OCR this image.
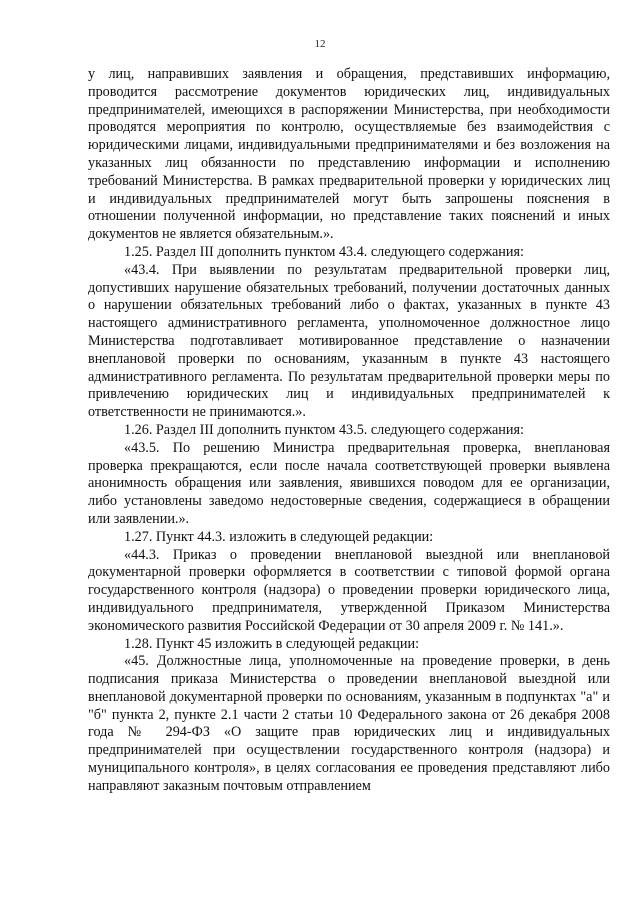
12

у лиц, направивших заявления и обращения, представивших информацию, проводится рассмотрение документов юридических лиц, индивидуальных предпринимателей, имеющихся в распоряжении Министерства, при необходимости проводятся мероприятия по контролю, осуществляемые без взаимодействия с юридическими лицами, индивидуальными предпринимателями и без возложения на указанных лиц обязанности по представлению информации и исполнению требований Министерства. В рамках предварительной проверки у юридических лиц и индивидуальных предпринимателей могут быть запрошены пояснения в отношении полученной информации, но представление таких пояснений и иных документов не является обязательным.».

1.25. Раздел III дополнить пунктом 43.4. следующего содержания:

«43.4. При выявлении по результатам предварительной проверки лиц, допустивших нарушение обязательных требований, получении достаточных данных о нарушении обязательных требований либо о фактах, указанных в пункте 43 настоящего административного регламента, уполномоченное должностное лицо Министерства подготавливает мотивированное представление о назначении внеплановой проверки по основаниям, указанным в пункте 43 настоящего административного регламента. По результатам предварительной проверки меры по привлечению юридических лиц и индивидуальных предпринимателей к ответственности не принимаются.».

1.26. Раздел III дополнить пунктом 43.5. следующего содержания:

«43.5. По решению Министра предварительная проверка, внеплановая проверка прекращаются, если после начала соответствующей проверки выявлена анонимность обращения или заявления, явившихся поводом для ее организации, либо установлены заведомо недостоверные сведения, содержащиеся в обращении или заявлении.».

1.27. Пункт 44.3. изложить в следующей редакции:

«44.3. Приказ о проведении внеплановой выездной или внеплановой документарной проверки оформляется в соответствии с типовой формой органа государственного контроля (надзора) о проведении проверки юридического лица, индивидуального предпринимателя, утвержденной Приказом Министерства экономического развития Российской Федерации от 30 апреля 2009 г. № 141.».

1.28. Пункт 45 изложить в следующей редакции:

«45. Должностные лица, уполномоченные на проведение проверки, в день подписания приказа Министерства о проведении внеплановой выездной или внеплановой документарной проверки по основаниям, указанным в подпунктах "а" и "б" пункта 2, пункте 2.1 части 2 статьи 10 Федерального закона от 26 декабря 2008 года № 294-ФЗ «О защите прав юридических лиц и индивидуальных предпринимателей при осуществлении государственного контроля (надзора) и муниципального контроля», в целях согласования ее проведения представляют либо направляют заказным почтовым отправлением
